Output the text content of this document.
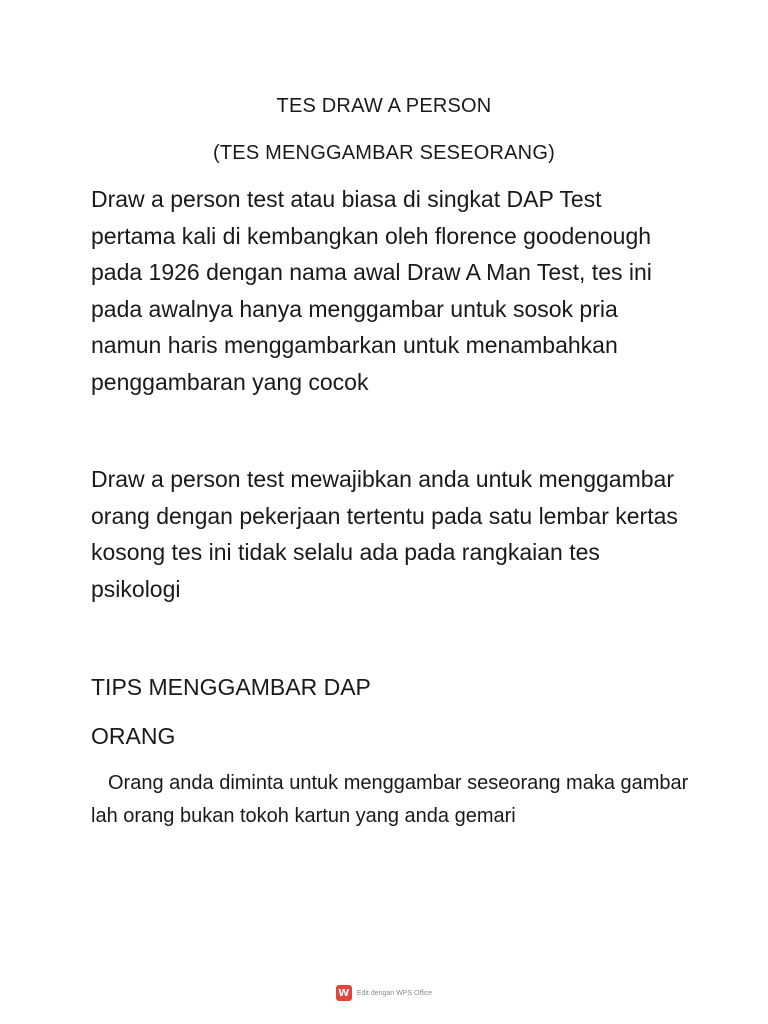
TES DRAW A PERSON
(TES MENGGAMBAR SESEORANG)

Draw a person test atau biasa di singkat DAP Test pertama kali di kembangkan oleh florence goodenough pada 1926 dengan nama awal Draw A Man Test, tes ini pada awalnya hanya menggambar untuk sosok pria namun haris menggambarkan untuk menambahkan penggambaran yang cocok

Draw a person test mewajibkan anda untuk menggambar orang dengan pekerjaan tertentu pada satu lembar kertas kosong tes ini tidak selalu ada pada rangkaian tes psikologi

TIPS MENGGAMBAR DAP
ORANG

Orang anda diminta untuk menggambar seseorang maka gambar lah orang bukan tokoh kartun yang anda gemari

W	Edit dengan WPS Office
